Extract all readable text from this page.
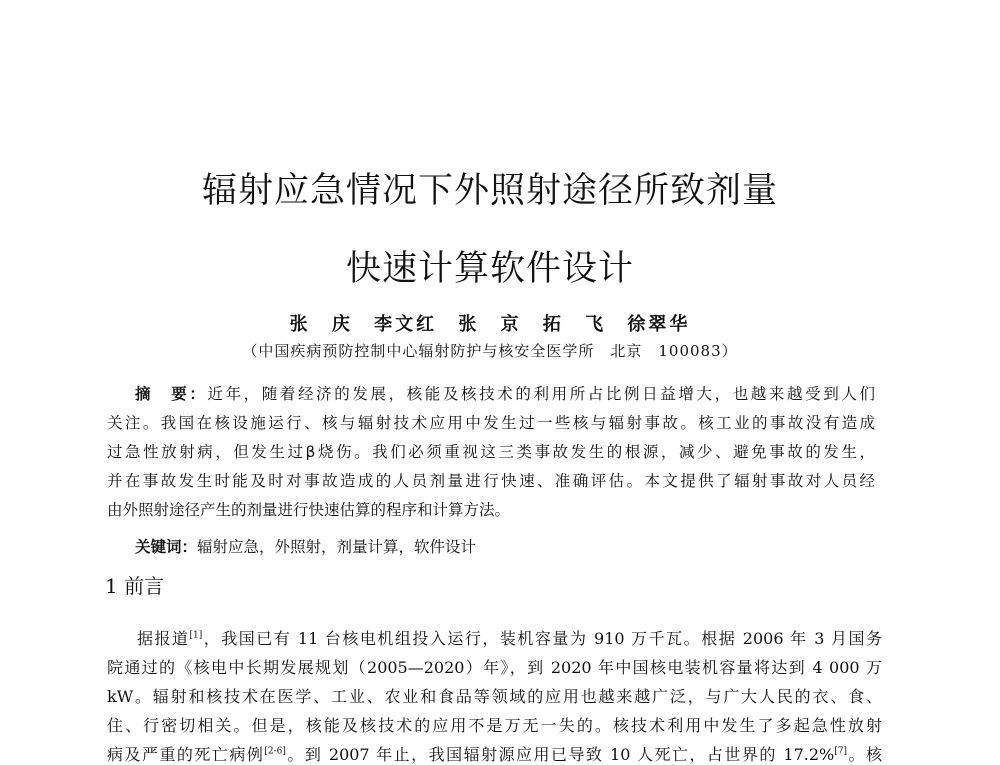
辐射应急情况下外照射途径所致剂量
快速计算软件设计
张 庆 李文红 张 京 拓 飞 徐翠华
（中国疾病预防控制中心辐射防护与核安全医学所　北京　100083）
摘　要：近年，随着经济的发展，核能及核技术的利用所占比例日益增大，也越来越受到人们
关注。我国在核设施运行、核与辐射技术应用中发生过一些核与辐射事故。核工业的事故没有造成
过急性放射病，但发生过β烧伤。我们必须重视这三类事故发生的根源，减少、避免事故的发生，
并在事故发生时能及时对事故造成的人员剂量进行快速、准确评估。本文提供了辐射事故对人员经
由外照射途径产生的剂量进行快速估算的程序和计算方法。
关键词：辐射应急，外照射，剂量计算，软件设计
1 前言
据报道[1]，我国已有 11 台核电机组投入运行，装机容量为 910 万千瓦。根据 2006 年 3 月国务
院通过的《核电中长期发展规划（2005—2020）年》，到 2020 年中国核电装机容量将达到 4 000 万
kW。辐射和核技术在医学、工业、农业和食品等领域的应用也越来越广泛，与广大人民的衣、食、
住、行密切相关。但是，核能及核技术的应用不是万无一失的。核技术利用中发生了多起急性放射
病及严重的死亡病例[2-6]。到 2007 年止，我国辐射源应用已导致 10 人死亡，占世界的 17.2%[7]。核
